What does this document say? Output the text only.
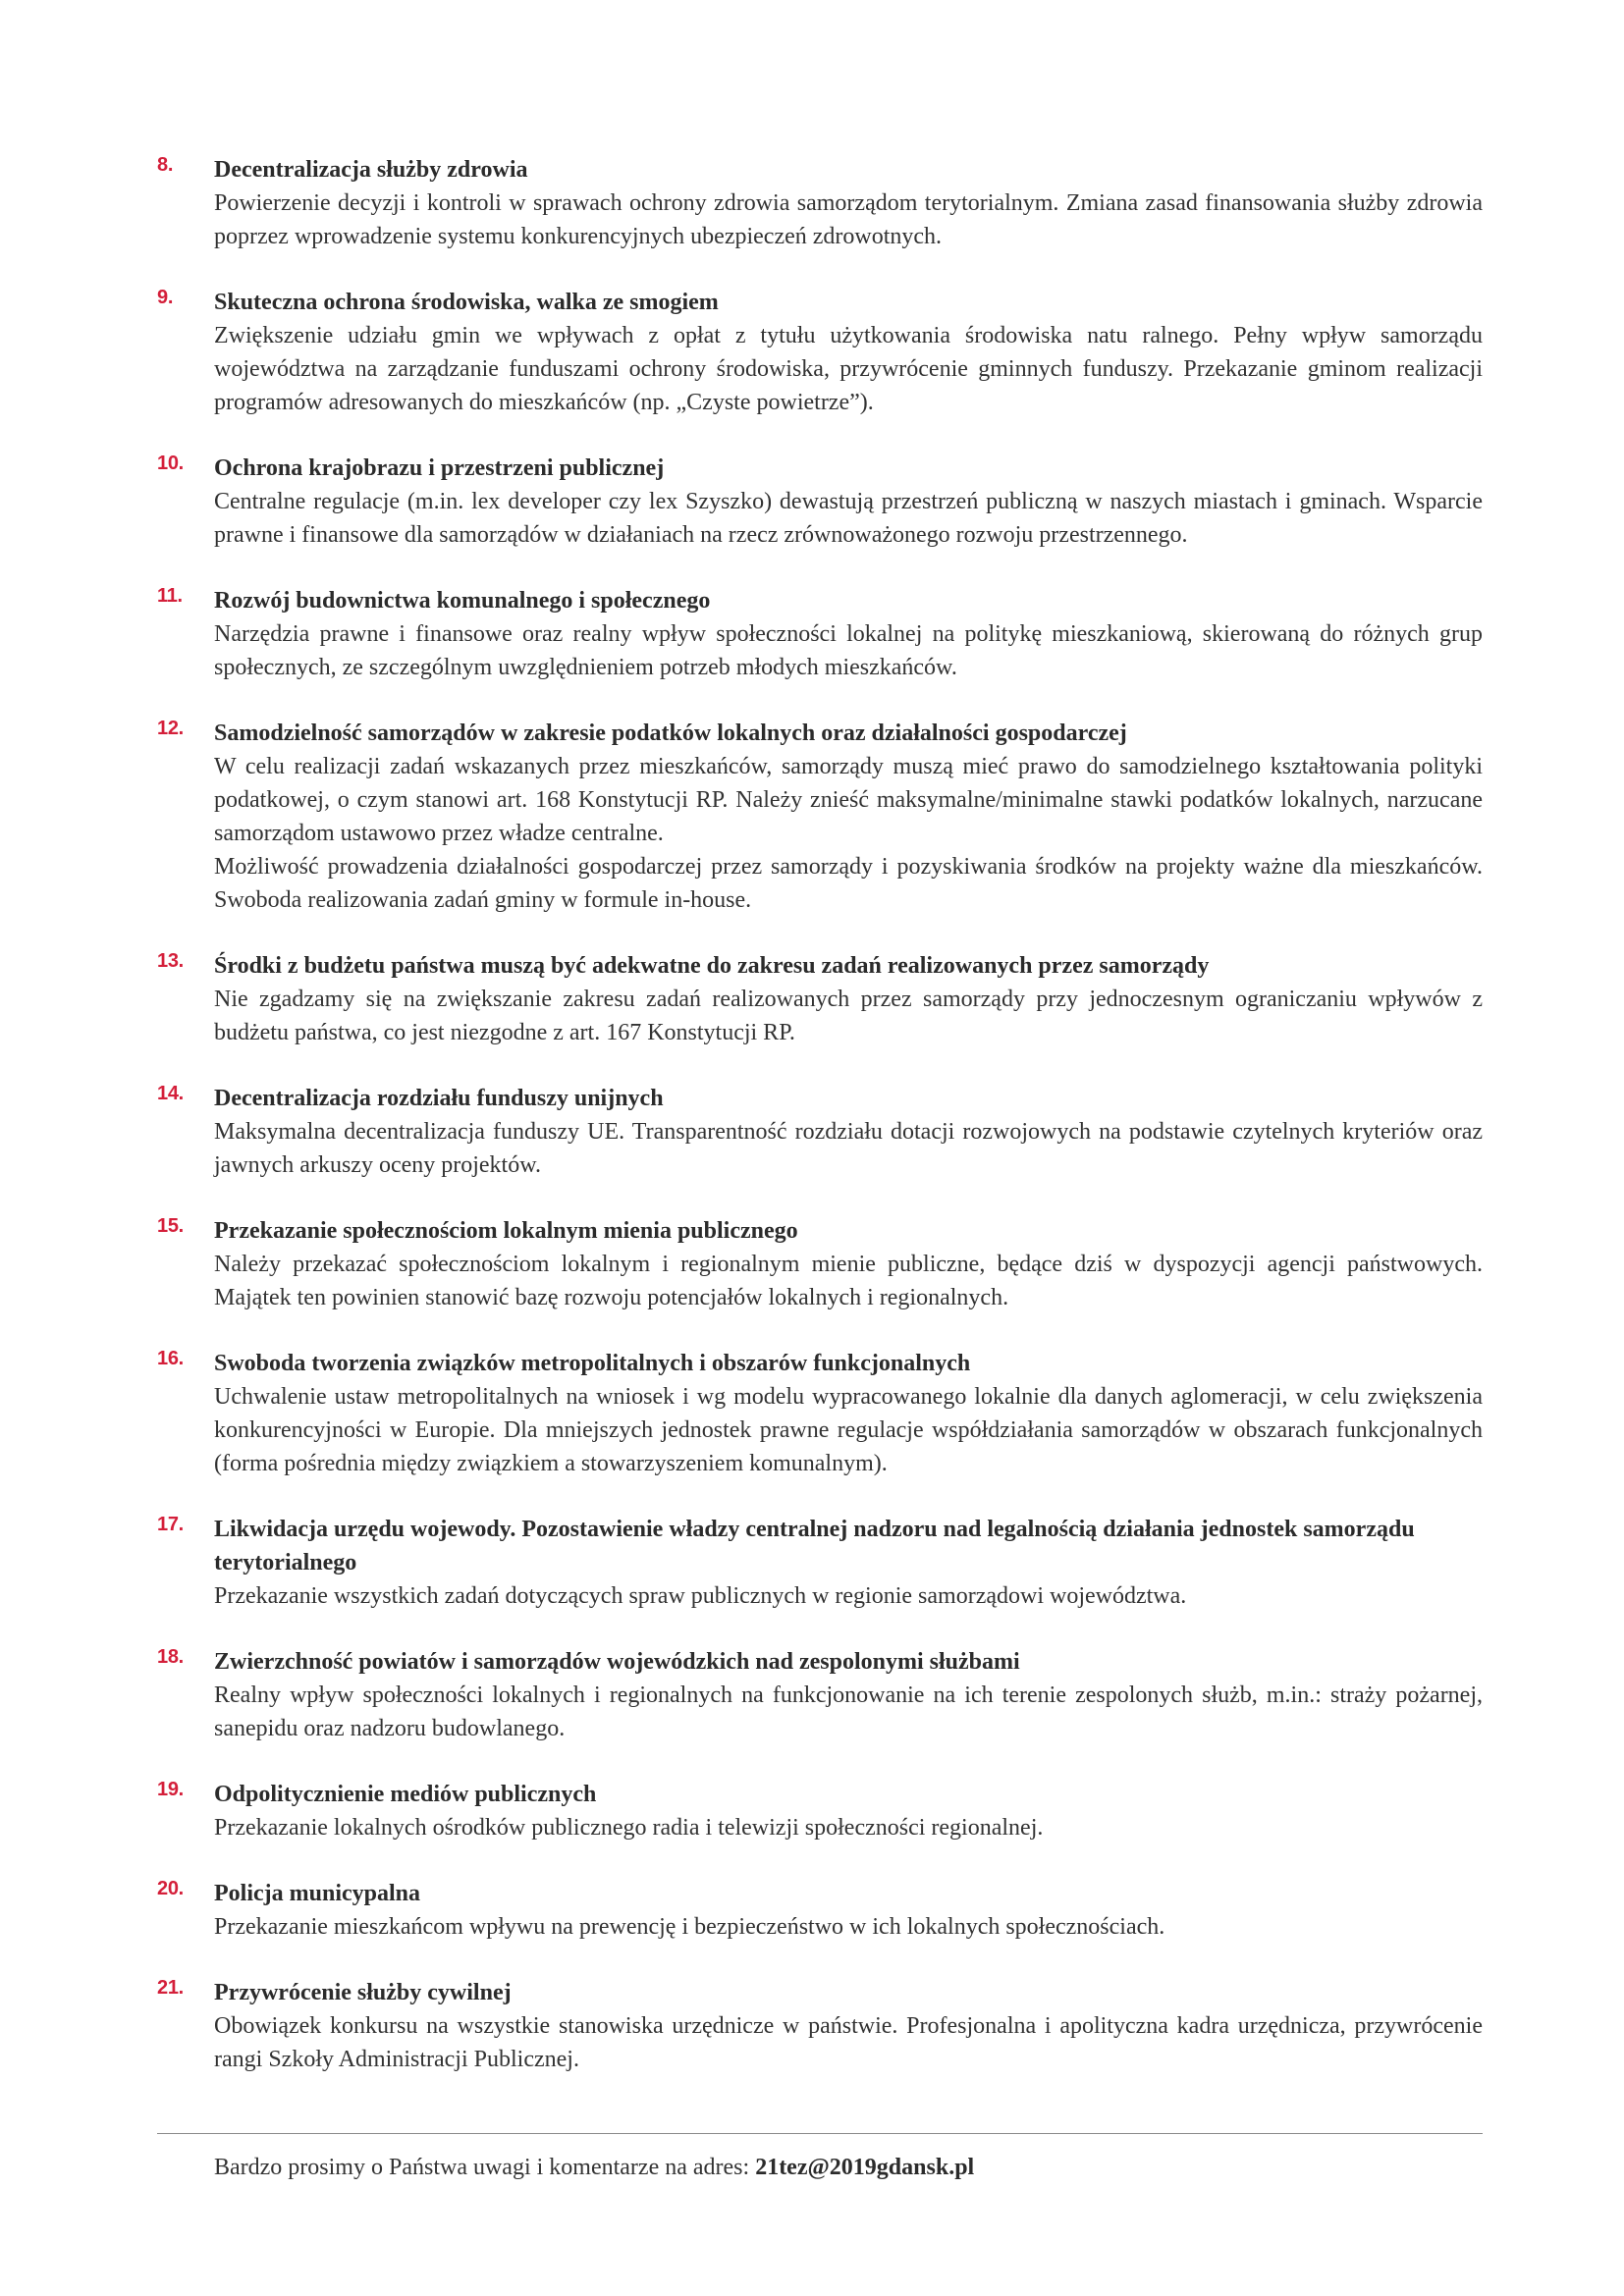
8.	Decentralizacja służby zdrowia
Powierzenie decyzji i kontroli w sprawach ochrony zdrowia samorządom terytorialnym. Zmiana zasad finansowania służby zdrowia poprzez wprowadzenie systemu konkurencyjnych ubezpieczeń zdrowotnych.
9.	Skuteczna ochrona środowiska, walka ze smogiem
Zwiększenie udziału gmin we wpływach z opłat z tytułu użytkowania środowiska natu ralnego. Pełny wpływ samorządu województwa na zarządzanie funduszami ochrony środowiska, przywrócenie gminnych funduszy. Przekazanie gminom realizacji programów adresowanych do mieszkańców (np. „Czyste powietrze”).
10.	Ochrona krajobrazu i przestrzeni publicznej
Centralne regulacje (m.in. lex developer czy lex Szyszko) dewastują przestrzeń publiczną w naszych miastach i gminach. Wsparcie prawne i finansowe dla samorządów w działaniach na rzecz zrównoważonego rozwoju przestrzennego.
11.	Rozwój budownictwa komunalnego i społecznego
Narzędzia prawne i finansowe oraz realny wpływ społeczności lokalnej na politykę mieszkaniową, skierowaną do różnych grup społecznych, ze szczególnym uwzględnieniem potrzeb młodych mieszkańców.
12.	Samodzielność samorządów w zakresie podatków lokalnych oraz działalności gospodarczej
W celu realizacji zadań wskazanych przez mieszkańców, samorządy muszą mieć prawo do samodzielnego kształtowania polityki podatkowej, o czym stanowi art. 168 Konstytucji RP. Należy znieść maksymalne/minimalne stawki podatków lokalnych, narzucane samorządom ustawowo przez władze centralne.
Możliwość prowadzenia działalności gospodarczej przez samorządy i pozyskiwania środków na projekty ważne dla mieszkańców. Swoboda realizowania zadań gminy w formule in-house.
13.	Środki z budżetu państwa muszą być adekwatne do zakresu zadań realizowanych przez samorządy
Nie zgadzamy się na zwiększanie zakresu zadań realizowanych przez samorządy przy jednoczesnym ograniczaniu wpływów z budżetu państwa, co jest niezgodne z art. 167 Konstytucji RP.
14.	Decentralizacja rozdziału funduszy unijnych
Maksymalna decentralizacja funduszy UE. Transparentność rozdziału dotacji rozwojowych na podstawie czytelnych kryteriów oraz jawnych arkuszy oceny projektów.
15.	Przekazanie społecznościom lokalnym mienia publicznego
Należy przekazać społecznościom lokalnym i regionalnym mienie publiczne, będące dziś w dyspozycji agencji państwowych. Majątek ten powinien stanowić bazę rozwoju potencjałów lokalnych i regionalnych.
16.	Swoboda tworzenia związków metropolitalnych i obszarów funkcjonalnych
Uchwalenie ustaw metropolitalnych na wniosek i wg modelu wypracowanego lokalnie dla danych aglomeracji, w celu zwiększenia konkurencyjności w Europie. Dla mniejszych jednostek prawne regulacje współdziałania samorządów w obszarach funkcjonalnych (forma pośrednia między związkiem a stowarzyszeniem komunalnym).
17.	Likwidacja urzędu wojewody. Pozostawienie władzy centralnej nadzoru nad legalnością działania jednostek samorządu terytorialnego
Przekazanie wszystkich zadań dotyczących spraw publicznych w regionie samorządowi województwa.
18.	Zwierzchność powiatów i samorządów wojewódzkich nad zespolonymi służbami
Realny wpływ społeczności lokalnych i regionalnych na funkcjonowanie na ich terenie zespolonych służb, m.in.: straży pożarnej, sanepidu oraz nadzoru budowlanego.
19.	Odpolitycznienie mediów publicznych
Przekazanie lokalnych ośrodków publicznego radia i telewizji społeczności regionalnej.
20.	Policja municypalna
Przekazanie mieszkańcom wpływu na prewencję i bezpieczeństwo w ich lokalnych społecznościach.
21.	Przywrócenie służby cywilnej
Obowiązek konkursu na wszystkie stanowiska urzędnicze w państwie. Profesjonalna i apolityczna kadra urzędnicza, przywrócenie rangi Szkoły Administracji Publicznej.
Bardzo prosimy o Państwa uwagi i komentarze na adres: 21tez@2019gdansk.pl
